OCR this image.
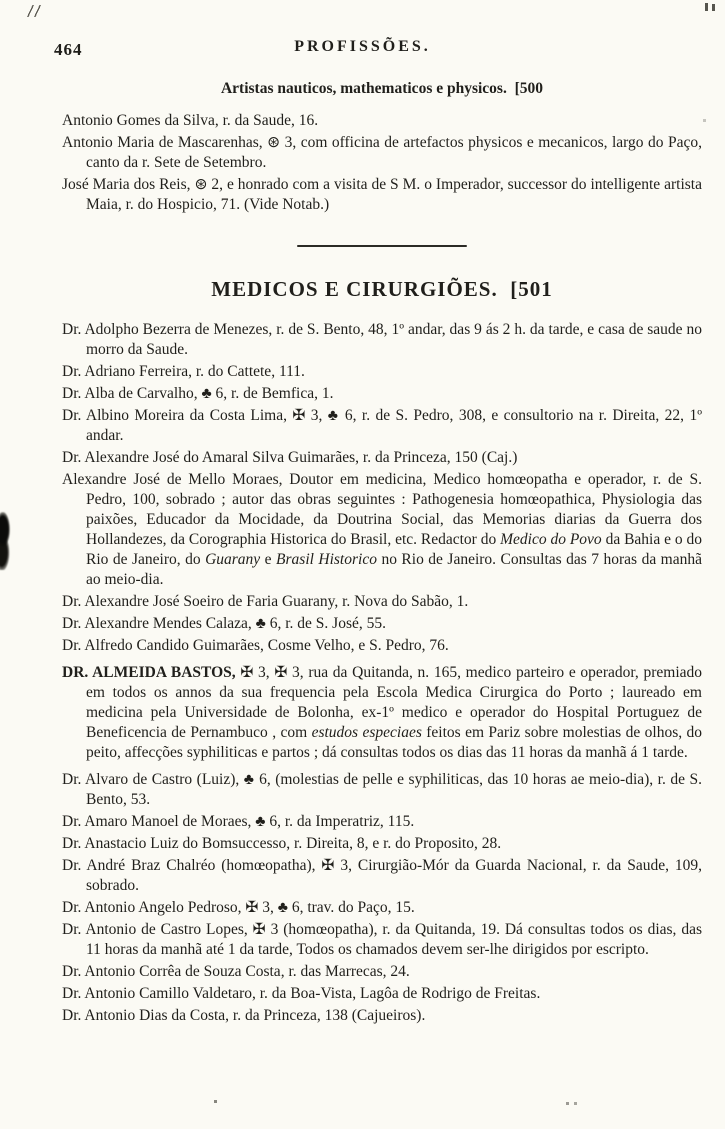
464	PROFISSÕES.
Artistas nauticos, mathematicos e physicos. [500

Antonio Gomes da Silva, r. da Saude, 16.

Antonio Maria de Mascarenhas, ⊛ 3, com officina de artefactos physicos e mecanicos, largo do Paço, canto da r. Sete de Setembro.

José Maria dos Reis, ⊛ 2, e honrado com a visita de S M. o Imperador, successor do intelligente artista Maia, r. do Hospicio, 71. (Vide Notab.)

MEDICOS E CIRURGIÕES. [501

Dr. Adolpho Bezerra de Menezes, r. de S. Bento, 48, 1º andar, das 9 ás 2 h. da tarde, e casa de saude no morro da Saude.

Dr. Adriano Ferreira, r. do Cattete, 111.

Dr. Alba de Carvalho, ♣ 6, r. de Bemfica, 1.

Dr. Albino Moreira da Costa Lima, ✠ 3, ♣ 6, r. de S. Pedro, 308, e consultorio na r. Direita, 22, 1º andar.

Dr. Alexandre José do Amaral Silva Guimarães, r. da Princeza, 150 (Caj.)

Alexandre José de Mello Moraes, Doutor em medicina, Medico homœopatha e operador, r. de S. Pedro, 100, sobrado ; autor das obras seguintes : Pathogenesia homœopathica, Physiologia das paixões, Educador da Mocidade, da Doutrina Social, das Memorias diarias da Guerra dos Hollandezes, da Corographia Historica do Brasil, etc. Redactor do Medico do Povo da Bahia e o do Rio de Janeiro, do Guarany e Brasil Historico no Rio de Janeiro. Consultas das 7 horas da manhã ao meio-dia.

Dr. Alexandre José Soeiro de Faria Guarany, r. Nova do Sabão, 1.

Dr. Alexandre Mendes Calaza, ♣ 6, r. de S. José, 55.

Dr. Alfredo Candido Guimarães, Cosme Velho, e S. Pedro, 76.

DR. ALMEIDA BASTOS, ✠ 3, ✠ 3, rua da Quitanda, n. 165, medico parteiro e operador, premiado em todos os annos da sua frequencia pela Escola Medica Cirurgica do Porto ; laureado em medicina pela Universidade de Bolonha, ex-1º medico e operador do Hospital Portuguez de Beneficencia de Pernambuco , com estudos especiaes feitos em Pariz sobre molestias de olhos, do peito, affecções syphiliticas e partos ; dá consultas todos os dias das 11 horas da manhã á 1 tarde.

Dr. Alvaro de Castro (Luiz), ♣ 6, (molestias de pelle e syphiliticas, das 10 horas ae meio-dia), r. de S. Bento, 53.

Dr. Amaro Manoel de Moraes, ♣ 6, r. da Imperatriz, 115.

Dr. Anastacio Luiz do Bomsuccesso, r. Direita, 8, e r. do Proposito, 28.

Dr. André Braz Chalréo (homœopatha), ✠ 3, Cirurgião-Mór da Guarda Nacional, r. da Saude, 109, sobrado.

Dr. Antonio Angelo Pedroso, ✠ 3, ♣ 6, trav. do Paço, 15.

Dr. Antonio de Castro Lopes, ✠ 3 (homœopatha), r. da Quitanda, 19. Dá consultas todos os dias, das 11 horas da manhã até 1 da tarde, Todos os chamados devem ser-lhe dirigidos por escripto.

Dr. Antonio Corrêa de Souza Costa, r. das Marrecas, 24.

Dr. Antonio Camillo Valdetaro, r. da Boa-Vista, Lagôa de Rodrigo de Freitas.

Dr. Antonio Dias da Costa, r. da Princeza, 138 (Cajueiros).
